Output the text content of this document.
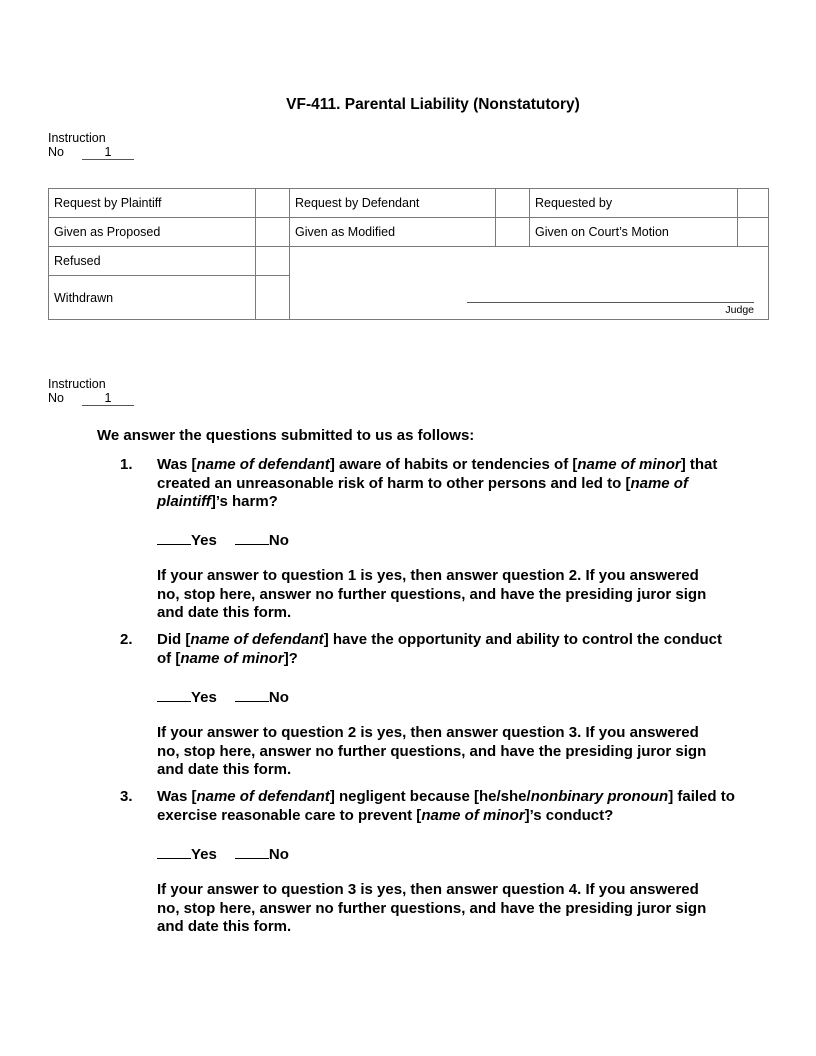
VF-411. Parental Liability (Nonstatutory)
Instruction
No	1
Request by Plaintiff		Request by Defendant		Requested by	
Given as Proposed		Given as Modified		Given on Court’s Motion	
Refused		Judge			

Withdrawn					
Instruction
No	1
We answer the questions submitted to us as follows:
1. Was [name of defendant] aware of habits or tendencies of [name of minor] that created an unreasonable risk of harm to other persons and led to [name of plaintiff]’s harm?
Yes	No
If your answer to question 1 is yes, then answer question 2. If you answered no, stop here, answer no further questions, and have the presiding juror sign and date this form.
2. Did [name of defendant] have the opportunity and ability to control the conduct of [name of minor]?
Yes	No
If your answer to question 2 is yes, then answer question 3. If you answered no, stop here, answer no further questions, and have the presiding juror sign and date this form.
3. Was [name of defendant] negligent because [he/she/nonbinary pronoun] failed to exercise reasonable care to prevent [name of minor]’s conduct?
Yes	No
If your answer to question 3 is yes, then answer question 4. If you answered no, stop here, answer no further questions, and have the presiding juror sign and date this form.
